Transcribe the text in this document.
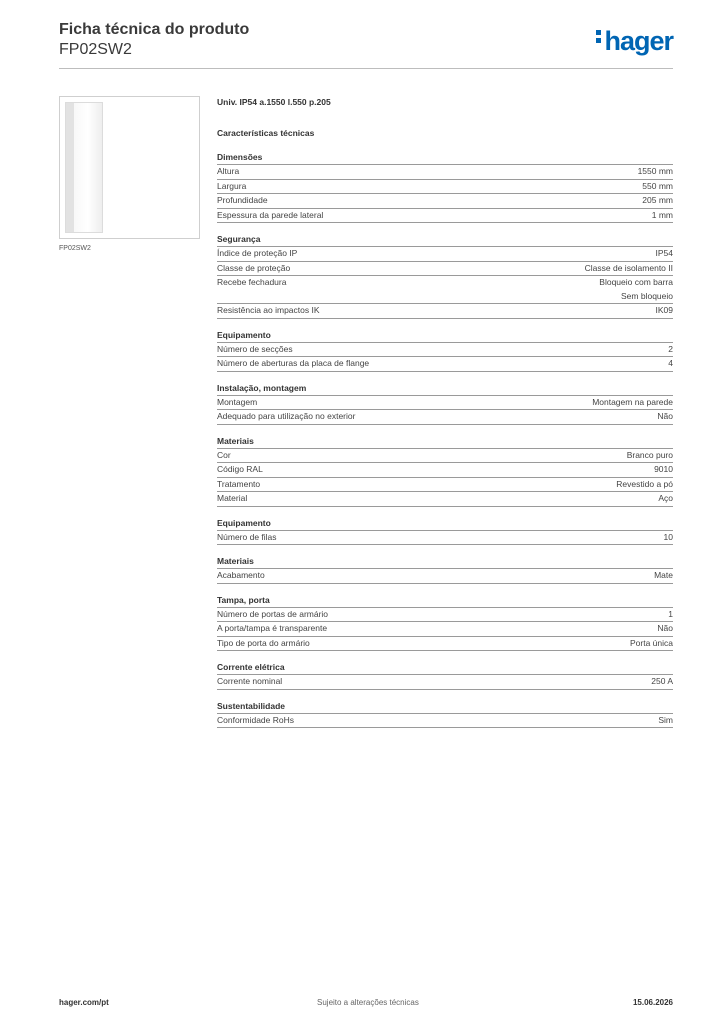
Ficha técnica do produto
FP02SW2	hager
FP02SW2
Univ. IP54 a.1550 l.550 p.205
Características técnicas
Dimensões
Altura	1550 mm
Largura	550 mm
Profundidade	205 mm
Espessura da parede lateral	1 mm
Segurança
Índice de proteção IP	IP54
Classe de proteção	Classe de isolamento II
Recebe fechadura	Bloqueio com barra
Sem bloqueio
Resistência ao impactos IK	IK09
Equipamento
Número de secções	2
Número de aberturas da placa de flange	4
Instalação, montagem
Montagem	Montagem na parede
Adequado para utilização no exterior	Não
Materiais
Cor	Branco puro
Código RAL	9010
Tratamento	Revestido a pó
Material	Aço
Equipamento
Número de filas	10
Materiais
Acabamento	Mate
Tampa, porta
Número de portas de armário	1
A porta/tampa é transparente	Não
Tipo de porta do armário	Porta única
Corrente elétrica
Corrente nominal	250 A
Sustentabilidade
Conformidade RoHs	Sim
hager.com/pt	Sujeito a alterações técnicas	15.06.2026
